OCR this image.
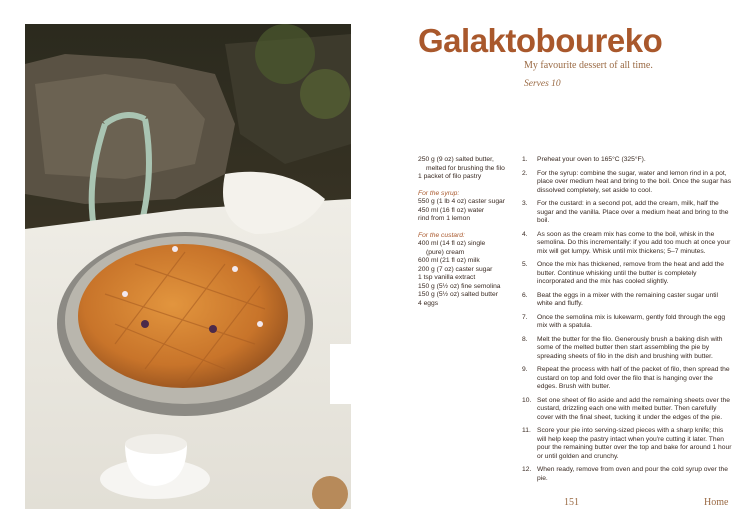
Galaktoboureko
My favourite dessert of all time.
Serves 10
250 g (9 oz) salted butter,
melted for brushing the filo
1 packet of filo pastry
For the syrup:
550 g (1 lb 4 oz) caster sugar
450 ml (16 fl oz) water
rind from 1 lemon
For the custard:
400 ml (14 fl oz) single
(pure) cream
600 ml (21 fl oz) milk
200 g (7 oz) caster sugar
1 tsp vanilla extract
150 g (5½ oz) fine semolina
150 g (5½ oz) salted butter
4 eggs
1. Preheat your oven to 165°C (325°F).
2. For the syrup: combine the sugar, water and lemon rind in a pot, place over medium heat and bring to the boil. Once the sugar has dissolved completely, set aside to cool.
3. For the custard: in a second pot, add the cream, milk, half the sugar and the vanilla. Place over a medium heat and bring to the boil.
4. As soon as the cream mix has come to the boil, whisk in the semolina. Do this incrementally: if you add too much at once your mix will get lumpy. Whisk until mix thickens; 5–7 minutes.
5. Once the mix has thickened, remove from the heat and add the butter. Continue whisking until the butter is completely incorporated and the mix has cooled slightly.
6. Beat the eggs in a mixer with the remaining caster sugar until white and fluffy.
7. Once the semolina mix is lukewarm, gently fold through the egg mix with a spatula.
8. Melt the butter for the filo. Generously brush a baking dish with some of the melted butter then start assembling the pie by spreading sheets of filo in the dish and brushing with butter.
9. Repeat the process with half of the packet of filo, then spread the custard on top and fold over the filo that is hanging over the edges. Brush with butter.
10. Set one sheet of filo aside and add the remaining sheets over the custard, drizzling each one with melted butter. Then carefully cover with the final sheet, tucking it under the edges of the pie.
11. Score your pie into serving-sized pieces with a sharp knife; this will help keep the pastry intact when you're cutting it later. Then pour the remaining butter over the top and bake for around 1 hour or until golden and crunchy.
12. When ready, remove from oven and pour the cold syrup over the pie.
151	Home
